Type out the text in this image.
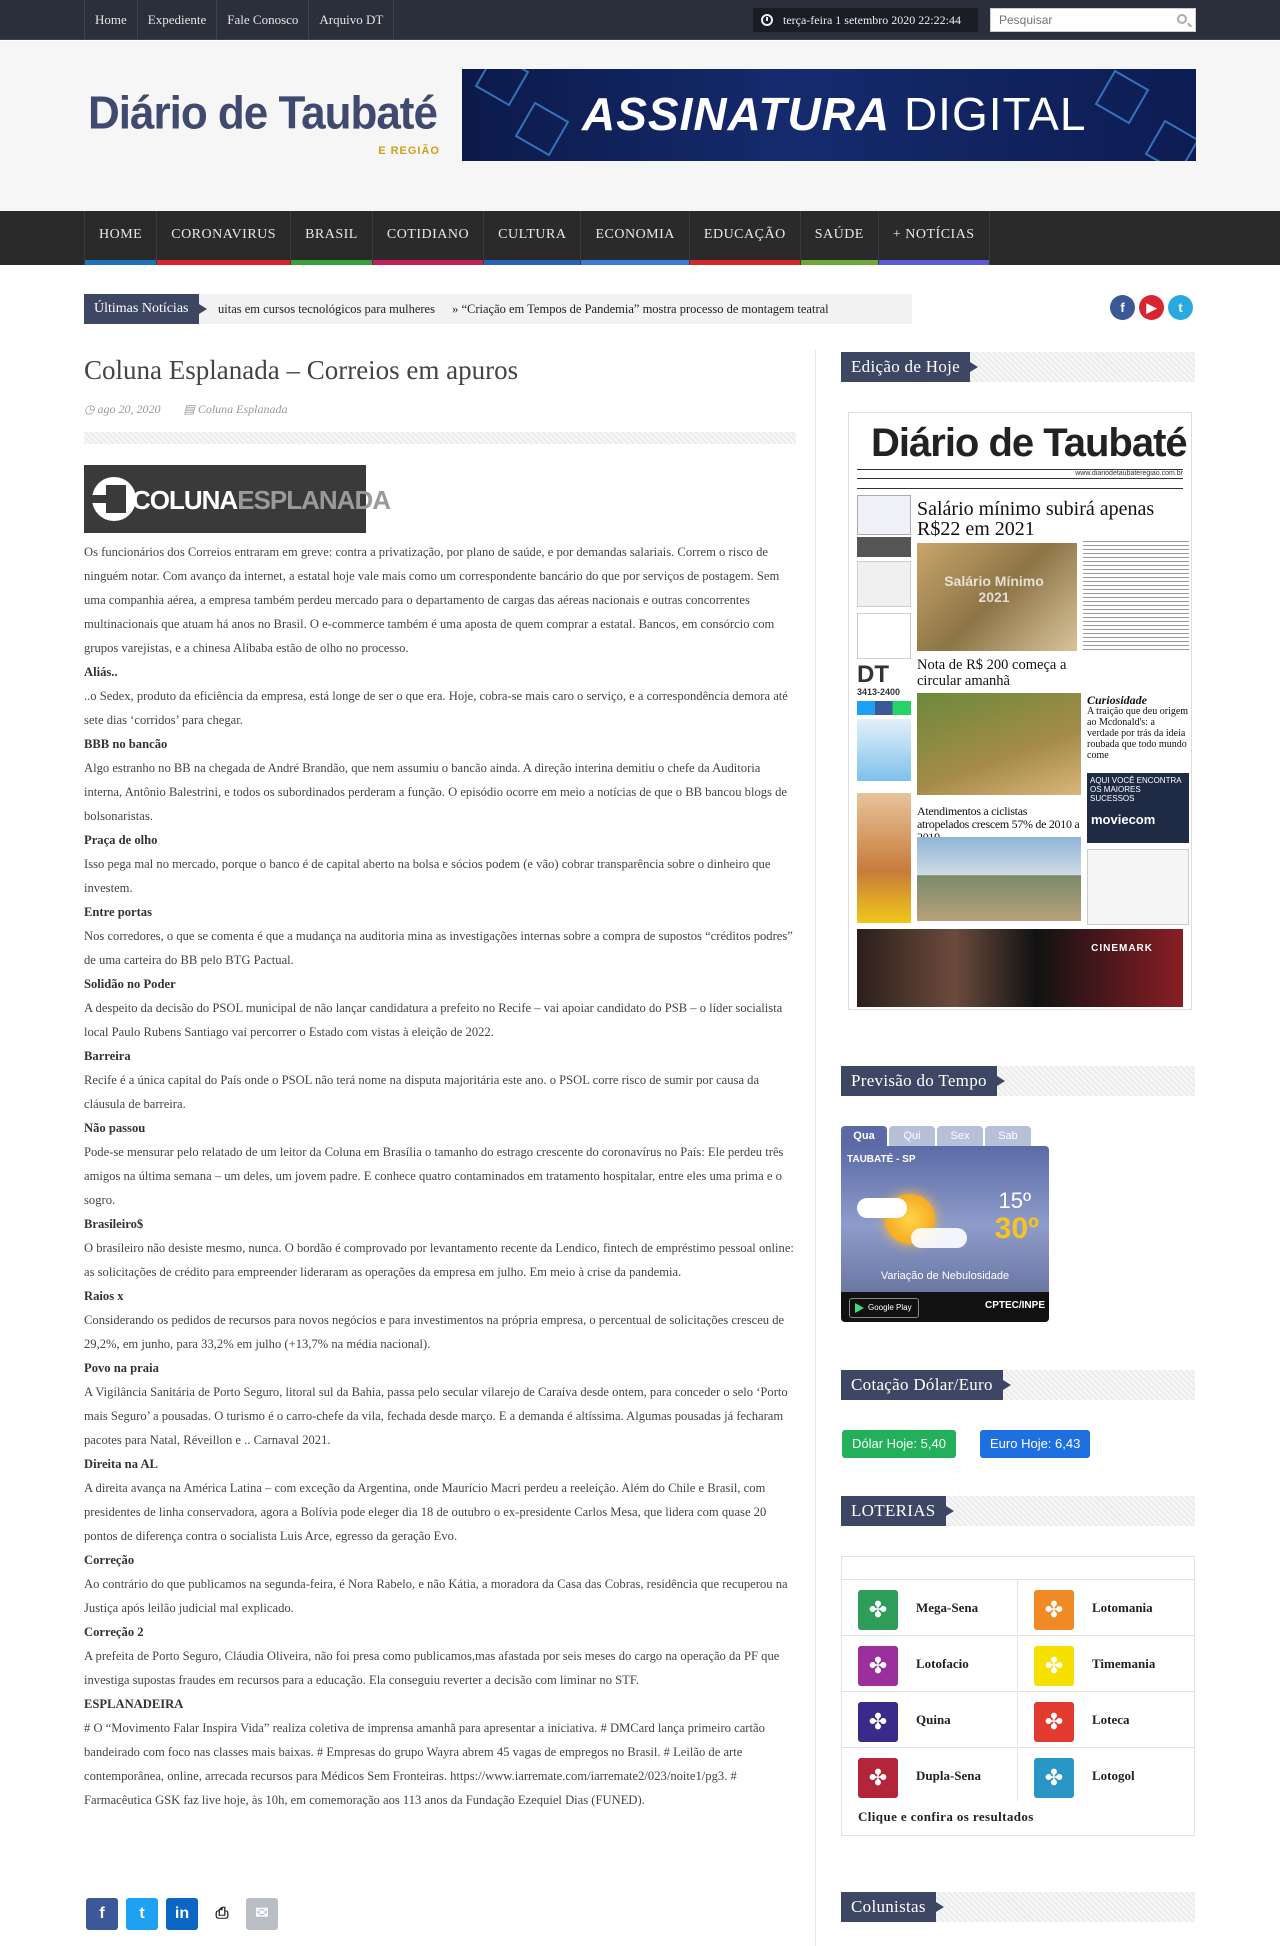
Home	Expediente	Fale Conosco	Arquivo DT	terça-feira 1 setembro 2020 22:22:44
Pesquisar
Diário de Taubaté
E REGIÃO
ASSINATURA DIGITAL
HOME	CORONAVIRUS	BRASIL	COTIDIANO	CULTURA	ECONOMIA	EDUCAÇÃO	SAÚDE	+ NOTÍCIAS
Últimas Notícias	uitas em cursos tecnológicos para mulheres » “Criação em Tempos de Pandemia” mostra processo de montagem teatral	f	▶	t
Coluna Esplanada – Correios em apuros
◷ ago 20, 2020 ▤ Coluna Esplanada
COLUNAESPLANADA

Os funcionários dos Correios entraram em greve: contra a privatização, por plano de saúde, e por demandas salariais. Correm o risco de ninguém notar. Com avanço da internet, a estatal hoje vale mais como um correspondente bancário do que por serviços de postagem. Sem uma companhia aérea, a empresa também perdeu mercado para o departamento de cargas das aéreas nacionais e outras concorrentes multinacionais que atuam há anos no Brasil. O e-commerce também é uma aposta de quem comprar a estatal. Bancos, em consórcio com grupos varejistas, e a chinesa Alibaba estão de olho no processo.

Aliás..

..o Sedex, produto da eficiência da empresa, está longe de ser o que era. Hoje, cobra-se mais caro o serviço, e a correspondência demora até sete dias ‘corridos’ para chegar.

BBB no bancão

Algo estranho no BB na chegada de André Brandão, que nem assumiu o bancão ainda. A direção interina demitiu o chefe da Auditoria interna, Antônio Balestrini, e todos os subordinados perderam a função. O episódio ocorre em meio a notícias de que o BB bancou blogs de bolsonaristas.

Praça de olho

Isso pega mal no mercado, porque o banco é de capital aberto na bolsa e sócios podem (e vão) cobrar transparência sobre o dinheiro que investem.

Entre portas

Nos corredores, o que se comenta é que a mudança na auditoria mina as investigações internas sobre a compra de supostos “créditos podres” de uma carteira do BB pelo BTG Pactual.

Solidão no Poder

A despeito da decisão do PSOL municipal de não lançar candidatura a prefeito no Recife – vai apoiar candidato do PSB – o líder socialista local Paulo Rubens Santiago vai percorrer o Estado com vistas à eleição de 2022.

Barreira

Recife é a única capital do País onde o PSOL não terá nome na disputa majoritária este ano. o PSOL corre risco de sumir por causa da cláusula de barreira.

Não passou

Pode-se mensurar pelo relatado de um leitor da Coluna em Brasília o tamanho do estrago crescente do coronavírus no País: Ele perdeu três amigos na última semana – um deles, um jovem padre. E conhece quatro contaminados em tratamento hospitalar, entre eles uma prima e o sogro.

Brasileiro$

O brasileiro não desiste mesmo, nunca. O bordão é comprovado por levantamento recente da Lendico, fintech de empréstimo pessoal online: as solicitações de crédito para empreender lideraram as operações da empresa em julho. Em meio à crise da pandemia.

Raios x

Considerando os pedidos de recursos para novos negócios e para investimentos na própria empresa, o percentual de solicitações cresceu de 29,2%, em junho, para 33,2% em julho (+13,7% na média nacional).

Povo na praia

A Vigilância Sanitária de Porto Seguro, litoral sul da Bahia, passa pelo secular vilarejo de Caraíva desde ontem, para conceder o selo ‘Porto mais Seguro’ a pousadas. O turismo é o carro-chefe da vila, fechada desde março. E a demanda é altíssima. Algumas pousadas já fecharam pacotes para Natal, Réveillon e .. Carnaval 2021.

Direita na AL

A direita avança na América Latina – com exceção da Argentina, onde Maurício Macri perdeu a reeleição. Além do Chile e Brasil, com presidentes de linha conservadora, agora a Bolívia pode eleger dia 18 de outubro o ex-presidente Carlos Mesa, que lidera com quase 20 pontos de diferença contra o socialista Luis Arce, egresso da geração Evo.

Correção

Ao contrário do que publicamos na segunda-feira, é Nora Rabelo, e não Kátia, a moradora da Casa das Cobras, residência que recuperou na Justiça após leilão judicial mal explicado.

Correção 2

A prefeita de Porto Seguro, Cláudia Oliveira, não foi presa como publicamos,mas afastada por seis meses do cargo na operação da PF que investiga supostas fraudes em recursos para a educação. Ela conseguiu reverter a decisão com liminar no STF.

ESPLANADEIRA

# O “Movimento Falar Inspira Vida” realiza coletiva de imprensa amanhã para apresentar a iniciativa. # DMCard lança primeiro cartão bandeirado com foco nas classes mais baixas. # Empresas do grupo Wayra abrem 45 vagas de empregos no Brasil. # Leilão de arte contemporânea, online, arrecada recursos para Médicos Sem Fronteiras. https://www.iarremate.com/iarremate2/023/noite1/pg3. # Farmacêutica GSK faz live hoje, às 10h, em comemoração aos 113 anos da Fundação Ezequiel Dias (FUNED).

f	t	in	⎙	✉
Edição de Hoje
Diário de Taubaté
www.diariodetaubateregiao.com.br
DT
3413-2400
Salário mínimo subirá apenas R$22 em 2021
Salário Mínimo 2021
Nota de R$ 200 começa a circular amanhã
Curiosidade
A traição que deu origem ao Mcdonald's: a verdade por trás da ideia roubada que todo mundo come
AQUI VOCÊ ENCONTRA OS MAIORES SUCESSOS
moviecom
Atendimentos a ciclistas atropelados crescem 57% de 2010 a
CINEMARK
Previsão do Tempo
Qua	Qui	Sex	Sab
TAUBATÉ - SP
15º
30º
Variação de Nebulosidade
Google Play	CPTEC/INPE
Cotação Dólar/Euro
Dólar Hoje: 5,40	Euro Hoje: 6,43
LOTERIAS
✤
Mega-Sena ✤	Lotomania
✤
Lotofacio ✤	Timemania
✤
Quina ✤	Loteca
✤
Dupla-Sena ✤	Lotogol
Clique e confira os resultados
Colunistas
